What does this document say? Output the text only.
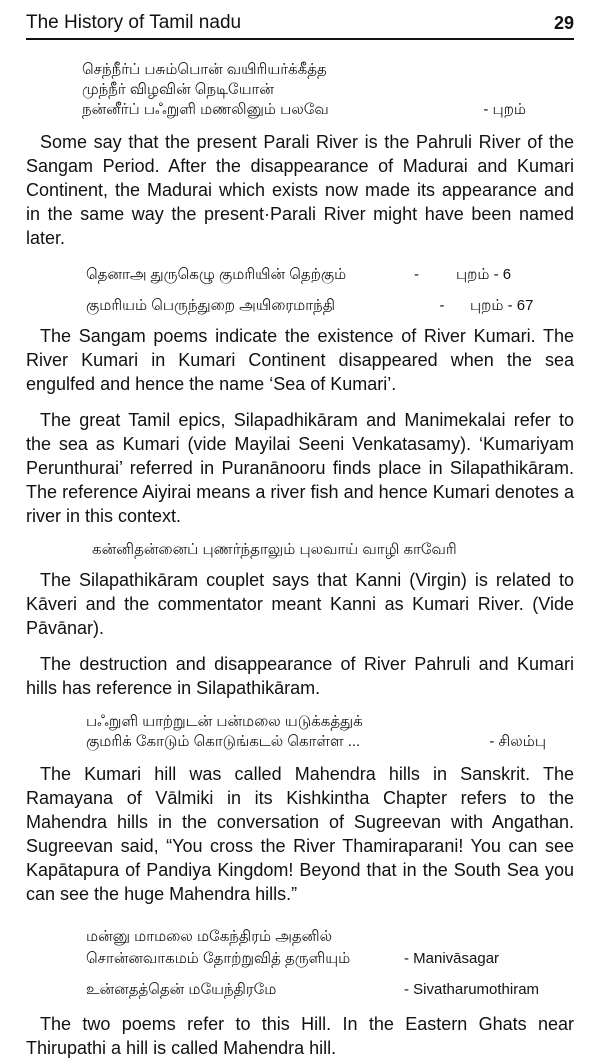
The History of Tamil nadu	29
செந்நீர்ப் பசும்பொன் வயிரியர்க்கீத்த
முந்நீர் விழவின் நெடியோன்
நன்னீர்ப் பஃறுளி மணலினும் பலவே	- புறம்

Some say that the present Parali River is the Pahruli River of the Sangam Period. After the disappearance of Madurai and Kumari Continent, the Madurai which exists now made its appearance and in the same way the present·Parali River might have been named later.

தெனாஅ துருகெழு குமரியின் தெற்கும்	-	புறம் - 6
குமரியம் பெருந்துறை அயிரைமாந்தி	-	புறம் - 67

The Sangam poems indicate the existence of River Kumari. The River Kumari in Kumari Continent disappeared when the sea engulfed and hence the name ‘Sea of Kumari’.

The great Tamil epics, Silapadhikāram and Manimekalai refer to the sea as Kumari (vide Mayilai Seeni Venkatasamy). ‘Kumariyam Perunthurai’ referred in Puranānooru finds place in Silapathikāram. The reference Aiyirai means a river fish and hence Kumari denotes a river in this context.

கன்னிதன்னைப் புணர்ந்தாலும் புலவாய் வாழி காவேரி

The Silapathikāram couplet says that Kanni (Virgin) is related to Kāveri and the commentator meant Kanni as Kumari River. (Vide Pāvānar).

The destruction and disappearance of River Pahruli and Kumari hills has reference in Silapathikāram.

பஃறுளி யாற்றுடன் பன்மலை யடுக்கத்துக்
குமரிக் கோடும் கொடுங்கடல் கொள்ள ...	- சிலம்பு

The Kumari hill was called Mahendra hills in Sanskrit. The Ramayana of Vālmiki in its Kishkintha Chapter refers to the Mahendra hills in the conversation of Sugreevan with Angathan. Sugreevan said, “You cross the River Thamiraparani! You can see Kapātapura of Pandiya Kingdom! Beyond that in the South Sea you can see the huge Mahendra hills.”

மன்னு மாமலை மகேந்திரம் அதனில்
சொன்னவாகமம் தோற்றுவித் தருளியும்	- Manivāsagar
உன்னதத்தென் மயேந்திரமே	- Sivatharumothiram

The two poems refer to this Hill. In the Eastern Ghats near Thirupathi a hill is called Mahendra hill.
